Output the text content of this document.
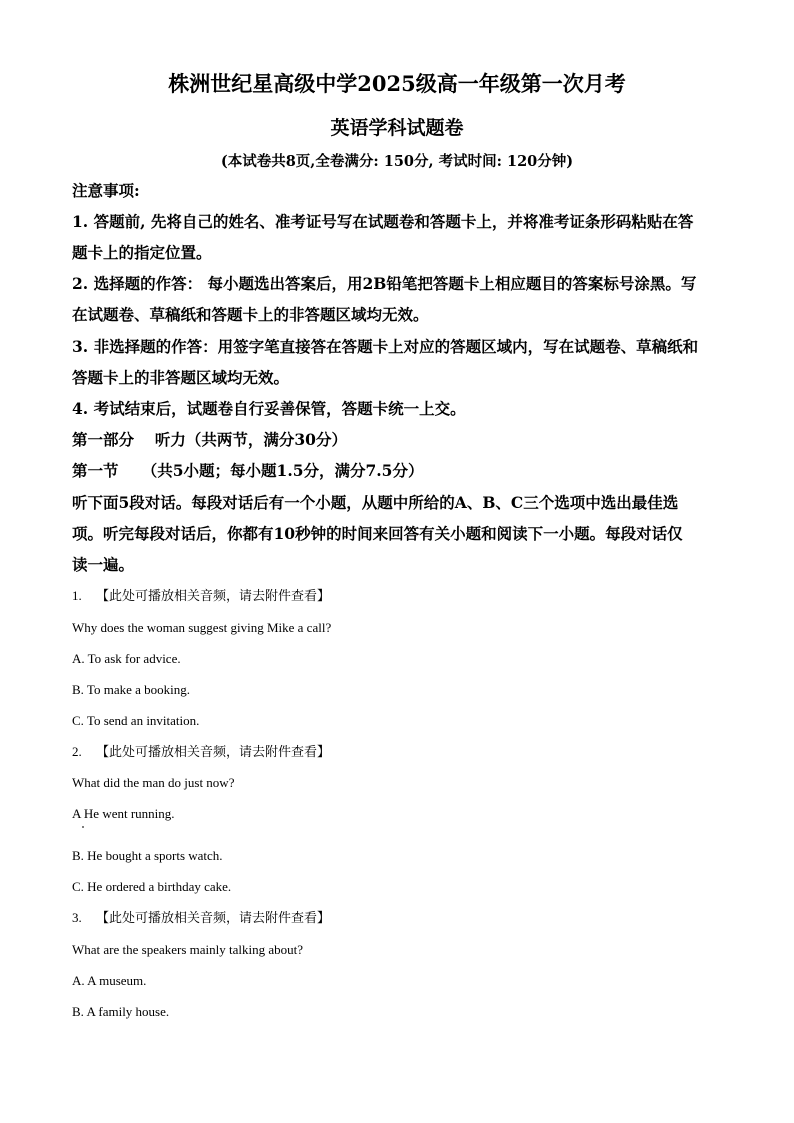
株洲世纪星高级中学2025级高一年级第一次月考
英语学科试题卷
(本试卷共8页,全卷满分: 150分, 考试时间: 120分钟)
注意事项:
1. 答题前, 先将自己的姓名、准考证号写在试题卷和答题卡上，并将准考证条形码粘贴在答
题卡上的指定位置。
2. 选择题的作答： 每小题选出答案后，用2B铅笔把答题卡上相应题目的答案标号涂黑。写
在试题卷、草稿纸和答题卡上的非答题区域均无效。
3. 非选择题的作答：用签字笔直接答在答题卡上对应的答题区域内，写在试题卷、草稿纸和
答题卡上的非答题区域均无效。
4. 考试结束后，试题卷自行妥善保管，答题卡统一上交。
第一部分　 听力（共两节，满分30分）
第一节　　（共5小题；每小题1.5分，满分7.5分）
听下面5段对话。每段对话后有一个小题，从题中所给的A、B、C三个选项中选出最佳选
项。听完每段对话后，你都有10秒钟的时间来回答有关小题和阅读下一小题。每段对话仅
读一遍。
1. 【此处可播放相关音频，请去附件查看】
Why does the woman suggest giving Mike a call?
A. To ask for advice.
B. To make a booking.
C. To send an invitation.
2. 【此处可播放相关音频，请去附件查看】
What did the man do just now?
A He went running.
B. He bought a sports watch.
C. He ordered a birthday cake.
3. 【此处可播放相关音频，请去附件查看】
What are the speakers mainly talking about?
A. A museum.
B. A family house.
